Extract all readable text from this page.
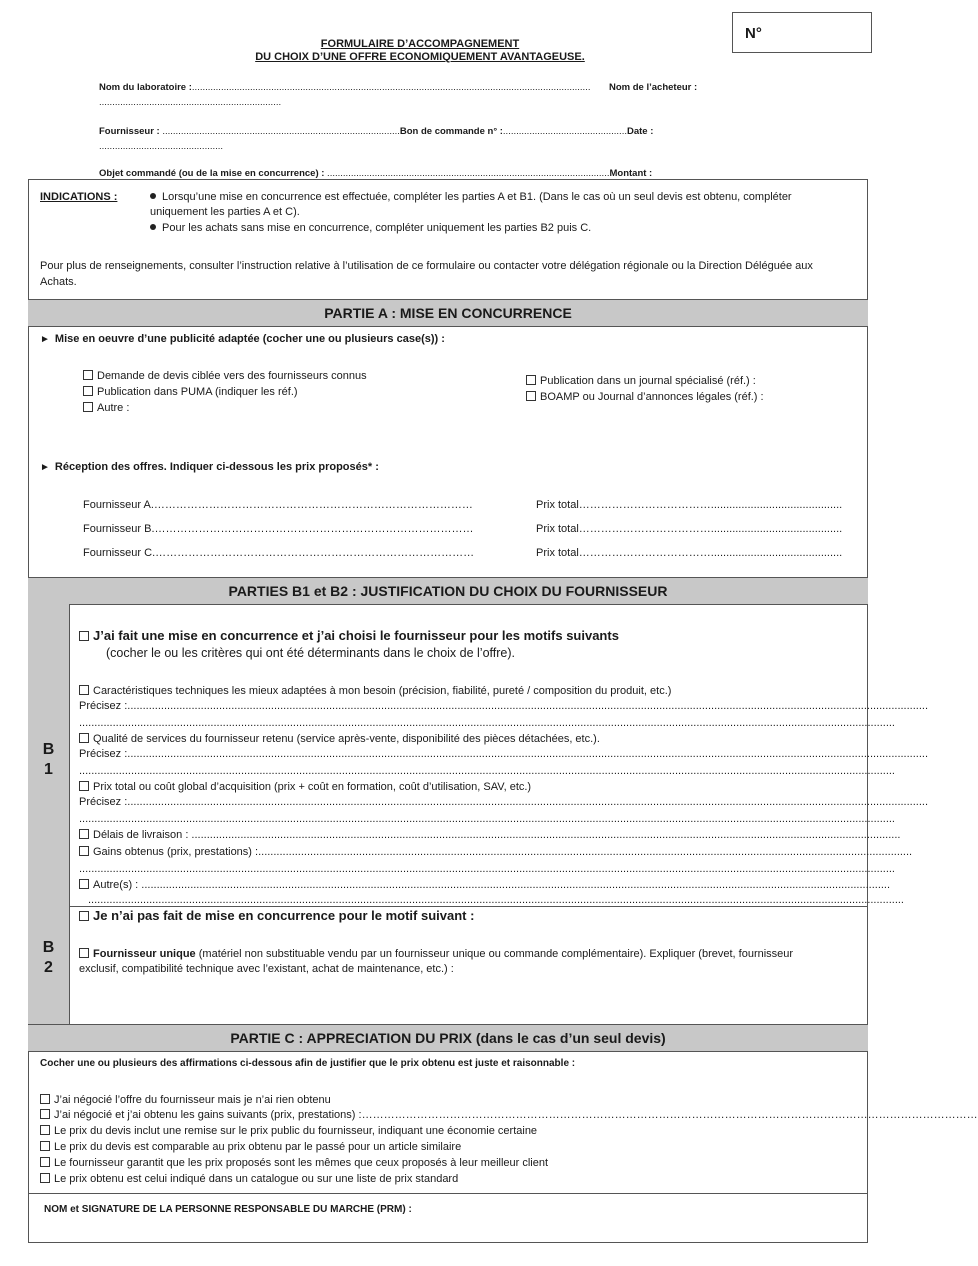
N°
FORMULAIRE D’ACCOMPAGNEMENT
DU CHOIX D’UNE OFFRE ECONOMIQUEMENT AVANTAGEUSE.
Nom du laboratoire :....................................................................................................................................................... Nom de l’acheteur :
.....................................................................
Fournisseur : ..........................................................................................Bon de commande n° :...............................................Date :
...............................................
Objet commandé (ou de la mise en concurrence) : ...........................................................................................................Montant :
INDICATIONS :	Lorsqu’une mise en concurrence est effectuée, compléter les parties A et B1. (Dans le cas où un seul devis est obtenu, compléter
uniquement les parties A et C).
Pour les achats sans mise en concurrence, compléter uniquement les parties B2 puis C.
Pour plus de renseignements, consulter l’instruction relative à l’utilisation de ce formulaire ou contacter votre délégation régionale ou la Direction Déléguée aux
Achats.
PARTIE A : MISE EN CONCURRENCE
► Mise en oeuvre d’une publicité adaptée (cocher une ou plusieurs case(s)) :
Demande de devis ciblée vers des fournisseurs connus
Publication dans PUMA (indiquer les réf.)
Autre :
Publication dans un journal spécialisé (réf.) :
BOAMP ou Journal d’annonces légales (réf.) :
► Réception des offres. Indiquer ci-dessous les prix proposés* :
Fournisseur A.……………………………………………………………………………	Prix total………………………………...........................................
Fournisseur B.……………………………………………………………………………	Prix total………………………………...........................................
Fournisseur C.……………………………………………………………………………	Prix total………………………………...........................................
PARTIES B1 et B2 : JUSTIFICATION DU CHOIX DU FOURNISSEUR
B
1
B
2
J’ai fait une mise en concurrence et j’ai choisi le fournisseur pour les motifs suivants
(cocher le ou les critères qui ont été déterminants dans le choix de l’offre).
Caractéristiques techniques les mieux adaptées à mon besoin (précision, fiabilité, pureté / composition du produit, etc.)
Précisez :......................................................................................................................................................................................................................................................................
...........................................................................................................................................................................................................................................................................
Qualité de services du fournisseur retenu (service après-vente, disponibilité des pièces détachées, etc.).
Précisez :......................................................................................................................................................................................................................................................................
...........................................................................................................................................................................................................................................................................
Prix total ou coût global d’acquisition (prix + coût en formation, coût d’utilisation, SAV, etc.)
Précisez :......................................................................................................................................................................................................................................................................
...........................................................................................................................................................................................................................................................................
Délais de livraison : ........................................................................................................................................................................................................................................
Gains obtenus (prix, prestations) :......................................................................................................................................................................................................................
...........................................................................................................................................................................................................................................................................
Autre(s) : .....................................................................................................................................................................................................................................................
...........................................................................................................................................................................................................................................................................
Je n’ai pas fait de mise en concurrence pour le motif suivant :
Fournisseur unique (matériel non substituable vendu par un fournisseur unique ou commande complémentaire). Expliquer (brevet, fournisseur
exclusif, compatibilité technique avec l’existant, achat de maintenance, etc.) :
PARTIE C : APPRECIATION DU PRIX (dans le cas d’un seul devis)
Cocher une ou plusieurs des affirmations ci-dessous afin de justifier que le prix obtenu est juste et raisonnable :
J’ai négocié l’offre du fournisseur mais je n’ai rien obtenu
J’ai négocié et j’ai obtenu les gains suivants (prix, prestations) :……………………………………………………………………………………………………………………………………………………
Le prix du devis inclut une remise sur le prix public du fournisseur, indiquant une économie certaine
Le prix du devis est comparable au prix obtenu par le passé pour un article similaire
Le fournisseur garantit que les prix proposés sont les mêmes que ceux proposés à leur meilleur client
Le prix obtenu est celui indiqué dans un catalogue ou sur une liste de prix standard
NOM et SIGNATURE DE LA PERSONNE RESPONSABLE DU MARCHE (PRM) :
